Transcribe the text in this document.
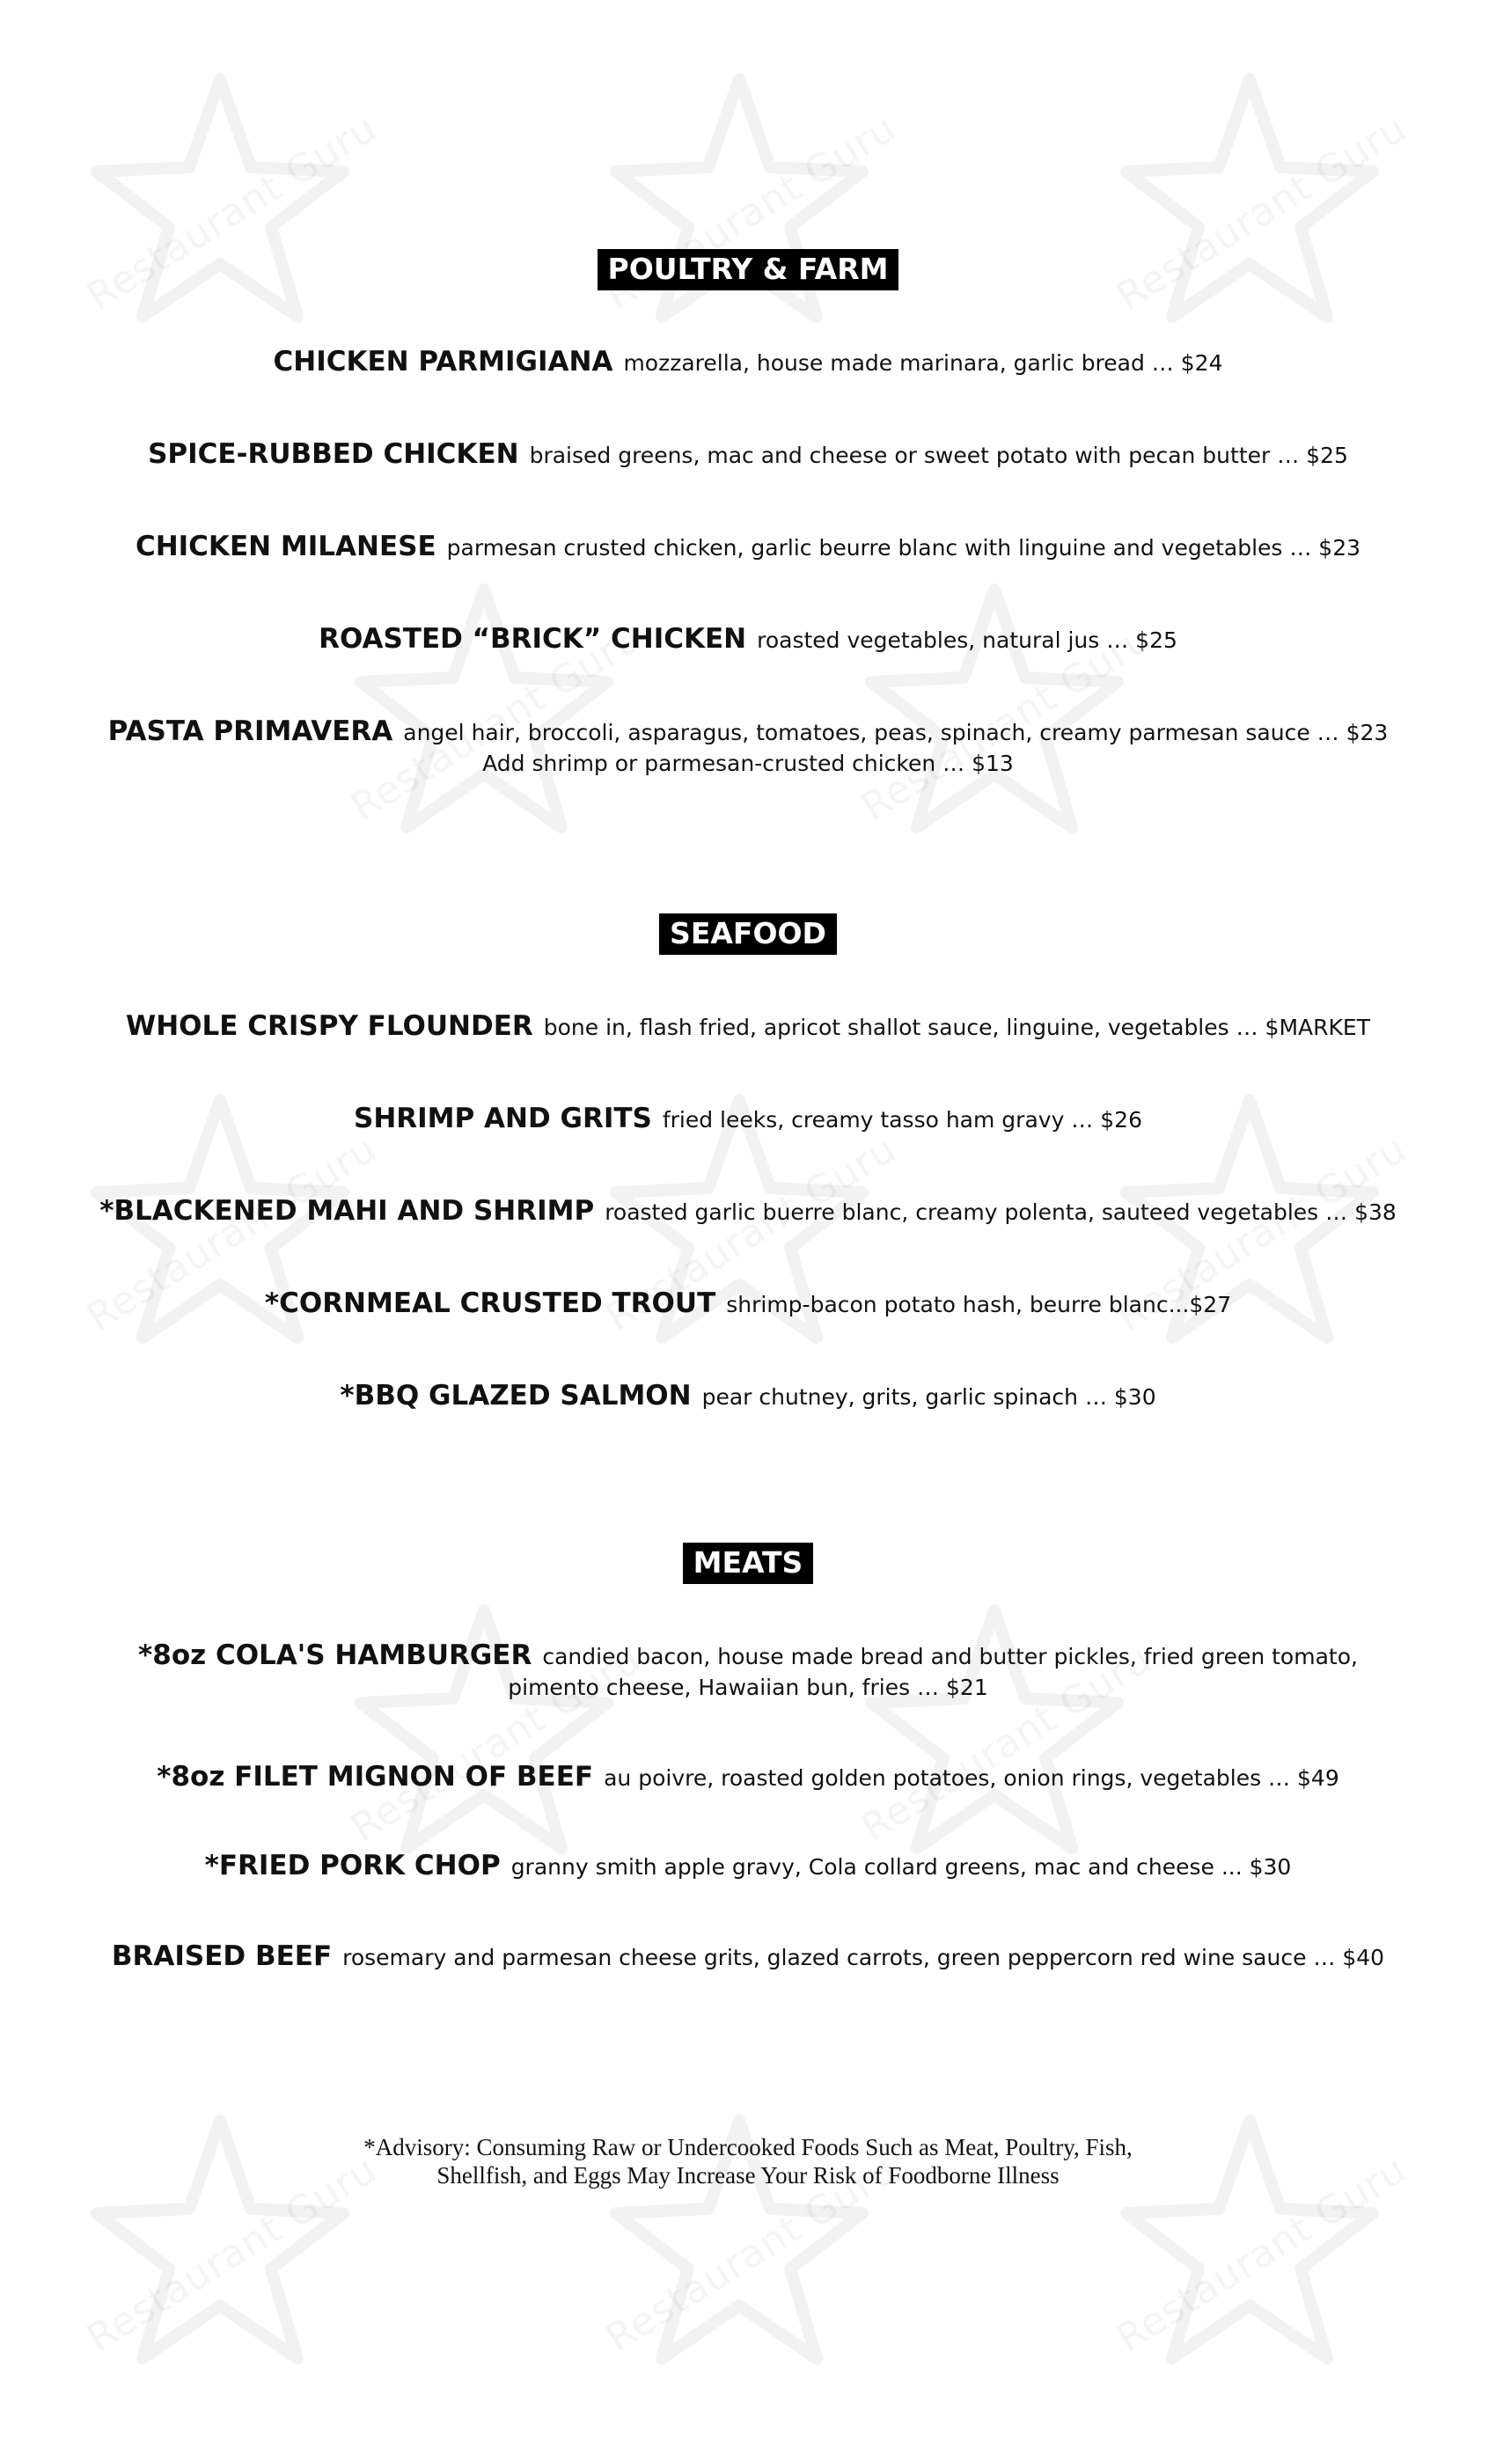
POULTRY & FARM
CHICKEN PARMIGIANA mozzarella, house made marinara, garlic bread … $24
SPICE-RUBBED CHICKEN braised greens, mac and cheese or sweet potato with pecan butter … $25
CHICKEN MILANESE parmesan crusted chicken, garlic beurre blanc with linguine and vegetables … $23
ROASTED “BRICK” CHICKEN roasted vegetables, natural jus … $25
PASTA PRIMAVERA angel hair, broccoli, asparagus, tomatoes, peas, spinach, creamy parmesan sauce … $23
Add shrimp or parmesan-crusted chicken … $13
SEAFOOD
WHOLE CRISPY FLOUNDER bone in, flash fried, apricot shallot sauce, linguine, vegetables … $MARKET
SHRIMP AND GRITS fried leeks, creamy tasso ham gravy … $26
*BLACKENED MAHI AND SHRIMP roasted garlic buerre blanc, creamy polenta, sauteed vegetables … $38
*CORNMEAL CRUSTED TROUT shrimp-bacon potato hash, beurre blanc...$27
*BBQ GLAZED SALMON pear chutney, grits, garlic spinach … $30
MEATS
*8oz COLA'S HAMBURGER candied bacon, house made bread and butter pickles, fried green tomato,
pimento cheese, Hawaiian bun, fries … $21
*8oz FILET MIGNON OF BEEF au poivre, roasted golden potatoes, onion rings, vegetables … $49
*FRIED PORK CHOP granny smith apple gravy, Cola collard greens, mac and cheese ... $30
BRAISED BEEF rosemary and parmesan cheese grits, glazed carrots, green peppercorn red wine sauce … $40
*Advisory: Consuming Raw or Undercooked Foods Such as Meat, Poultry, Fish,
Shellfish, and Eggs May Increase Your Risk of Foodborne Illness
